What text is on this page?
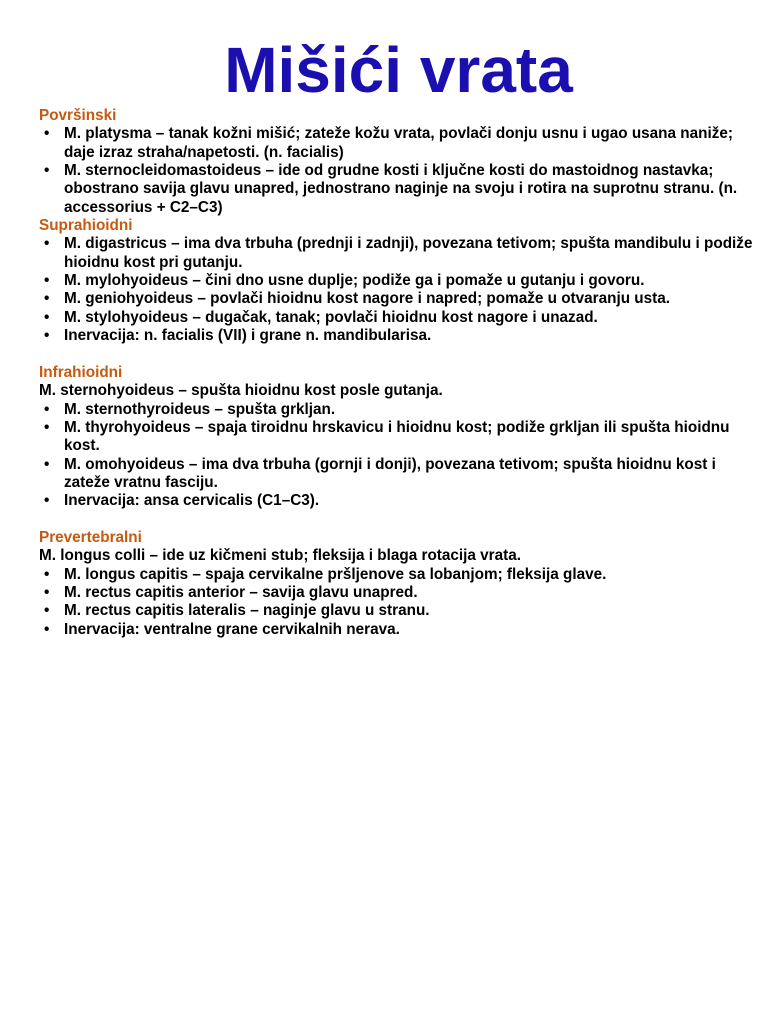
Mišići vrata
Površinski
• M. platysma – tanak kožni mišić; zateže kožu vrata, povlači donju usnu i ugao usana naniže; daje izraz straha/napetosti. (n. facialis)
• M. sternocleidomastoideus – ide od grudne kosti i ključne kosti do mastoidnog nastavka; obostrano savija glavu unapred, jednostrano naginje na svoju i rotira na suprotnu stranu. (n. accessorius + C2–C3)
Suprahioidni
• M. digastricus – ima dva trbuha (prednji i zadnji), povezana tetivom; spušta mandibulu i podiže hioidnu kost pri gutanju.
• M. mylohyoideus – čini dno usne duplje; podiže ga i pomaže u gutanju i govoru.
• M. geniohyoideus – povlači hioidnu kost nagore i napred; pomaže u otvaranju usta.
• M. stylohyoideus – dugačak, tanak; povlači hioidnu kost nagore i unazad.
• Inervacija: n. facialis (VII) i grane n. mandibularisa.
Infrahioidni
M. sternohyoideus – spušta hioidnu kost posle gutanja.
• M. sternothyroideus – spušta grkljan.
• M. thyrohyoideus – spaja tiroidnu hrskavicu i hioidnu kost; podiže grkljan ili spušta hioidnu kost.
• M. omohyoideus – ima dva trbuha (gornji i donji), povezana tetivom; spušta hioidnu kost i zateže vratnu fasciju.
• Inervacija: ansa cervicalis (C1–C3).
Prevertebralni
M. longus colli – ide uz kičmeni stub; fleksija i blaga rotacija vrata.
• M. longus capitis – spaja cervikalne pršljenove sa lobanjom; fleksija glave.
• M. rectus capitis anterior – savija glavu unapred.
• M. rectus capitis lateralis – naginje glavu u stranu.
• Inervacija: ventralne grane cervikalnih nerava.
